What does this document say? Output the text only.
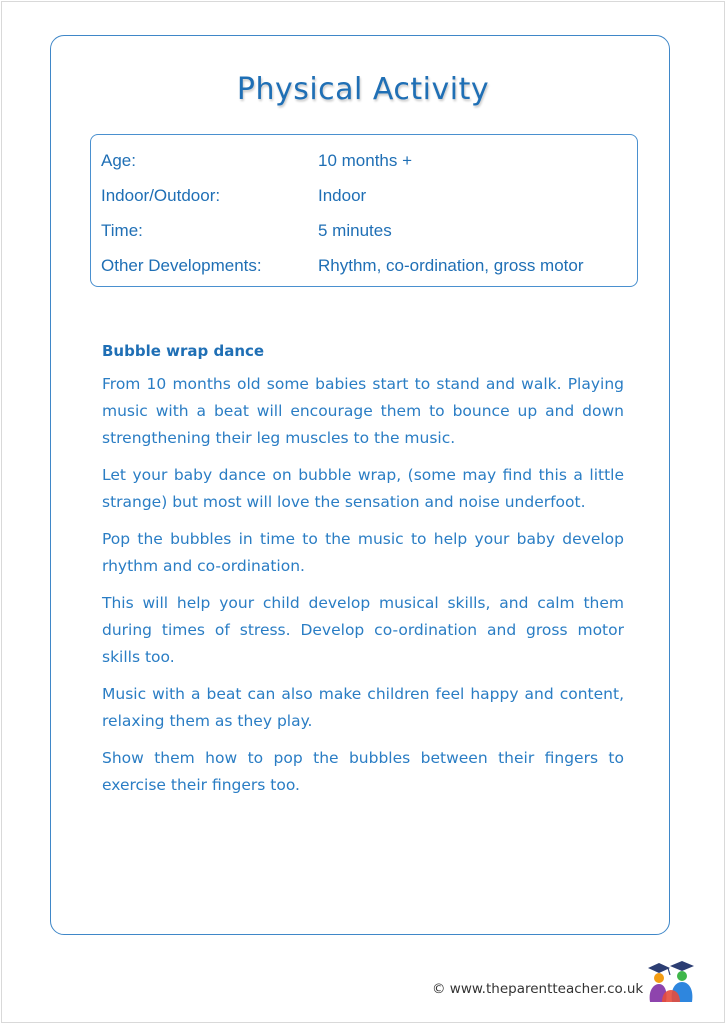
Physical Activity
Age:	10 months +
Indoor/Outdoor:	Indoor
Time:	5 minutes
Other Developments:	Rhythm, co-ordination, gross motor
Bubble wrap dance

From 10 months old some babies start to stand and walk. Playing music with a beat will encourage them to bounce up and down strengthening their leg muscles to the music.

Let your baby dance on bubble wrap, (some may find this a little strange) but most will love the sensation and noise underfoot.

Pop the bubbles in time to the music to help your baby develop rhythm and co-ordination.

This will help your child develop musical skills, and calm them during times of stress. Develop co-ordination and gross motor skills too.

Music with a beat can also make children feel happy and content, relaxing them as they play.

Show them how to pop the bubbles between their fingers to exercise their fingers too.

© www.theparentteacher.co.uk
